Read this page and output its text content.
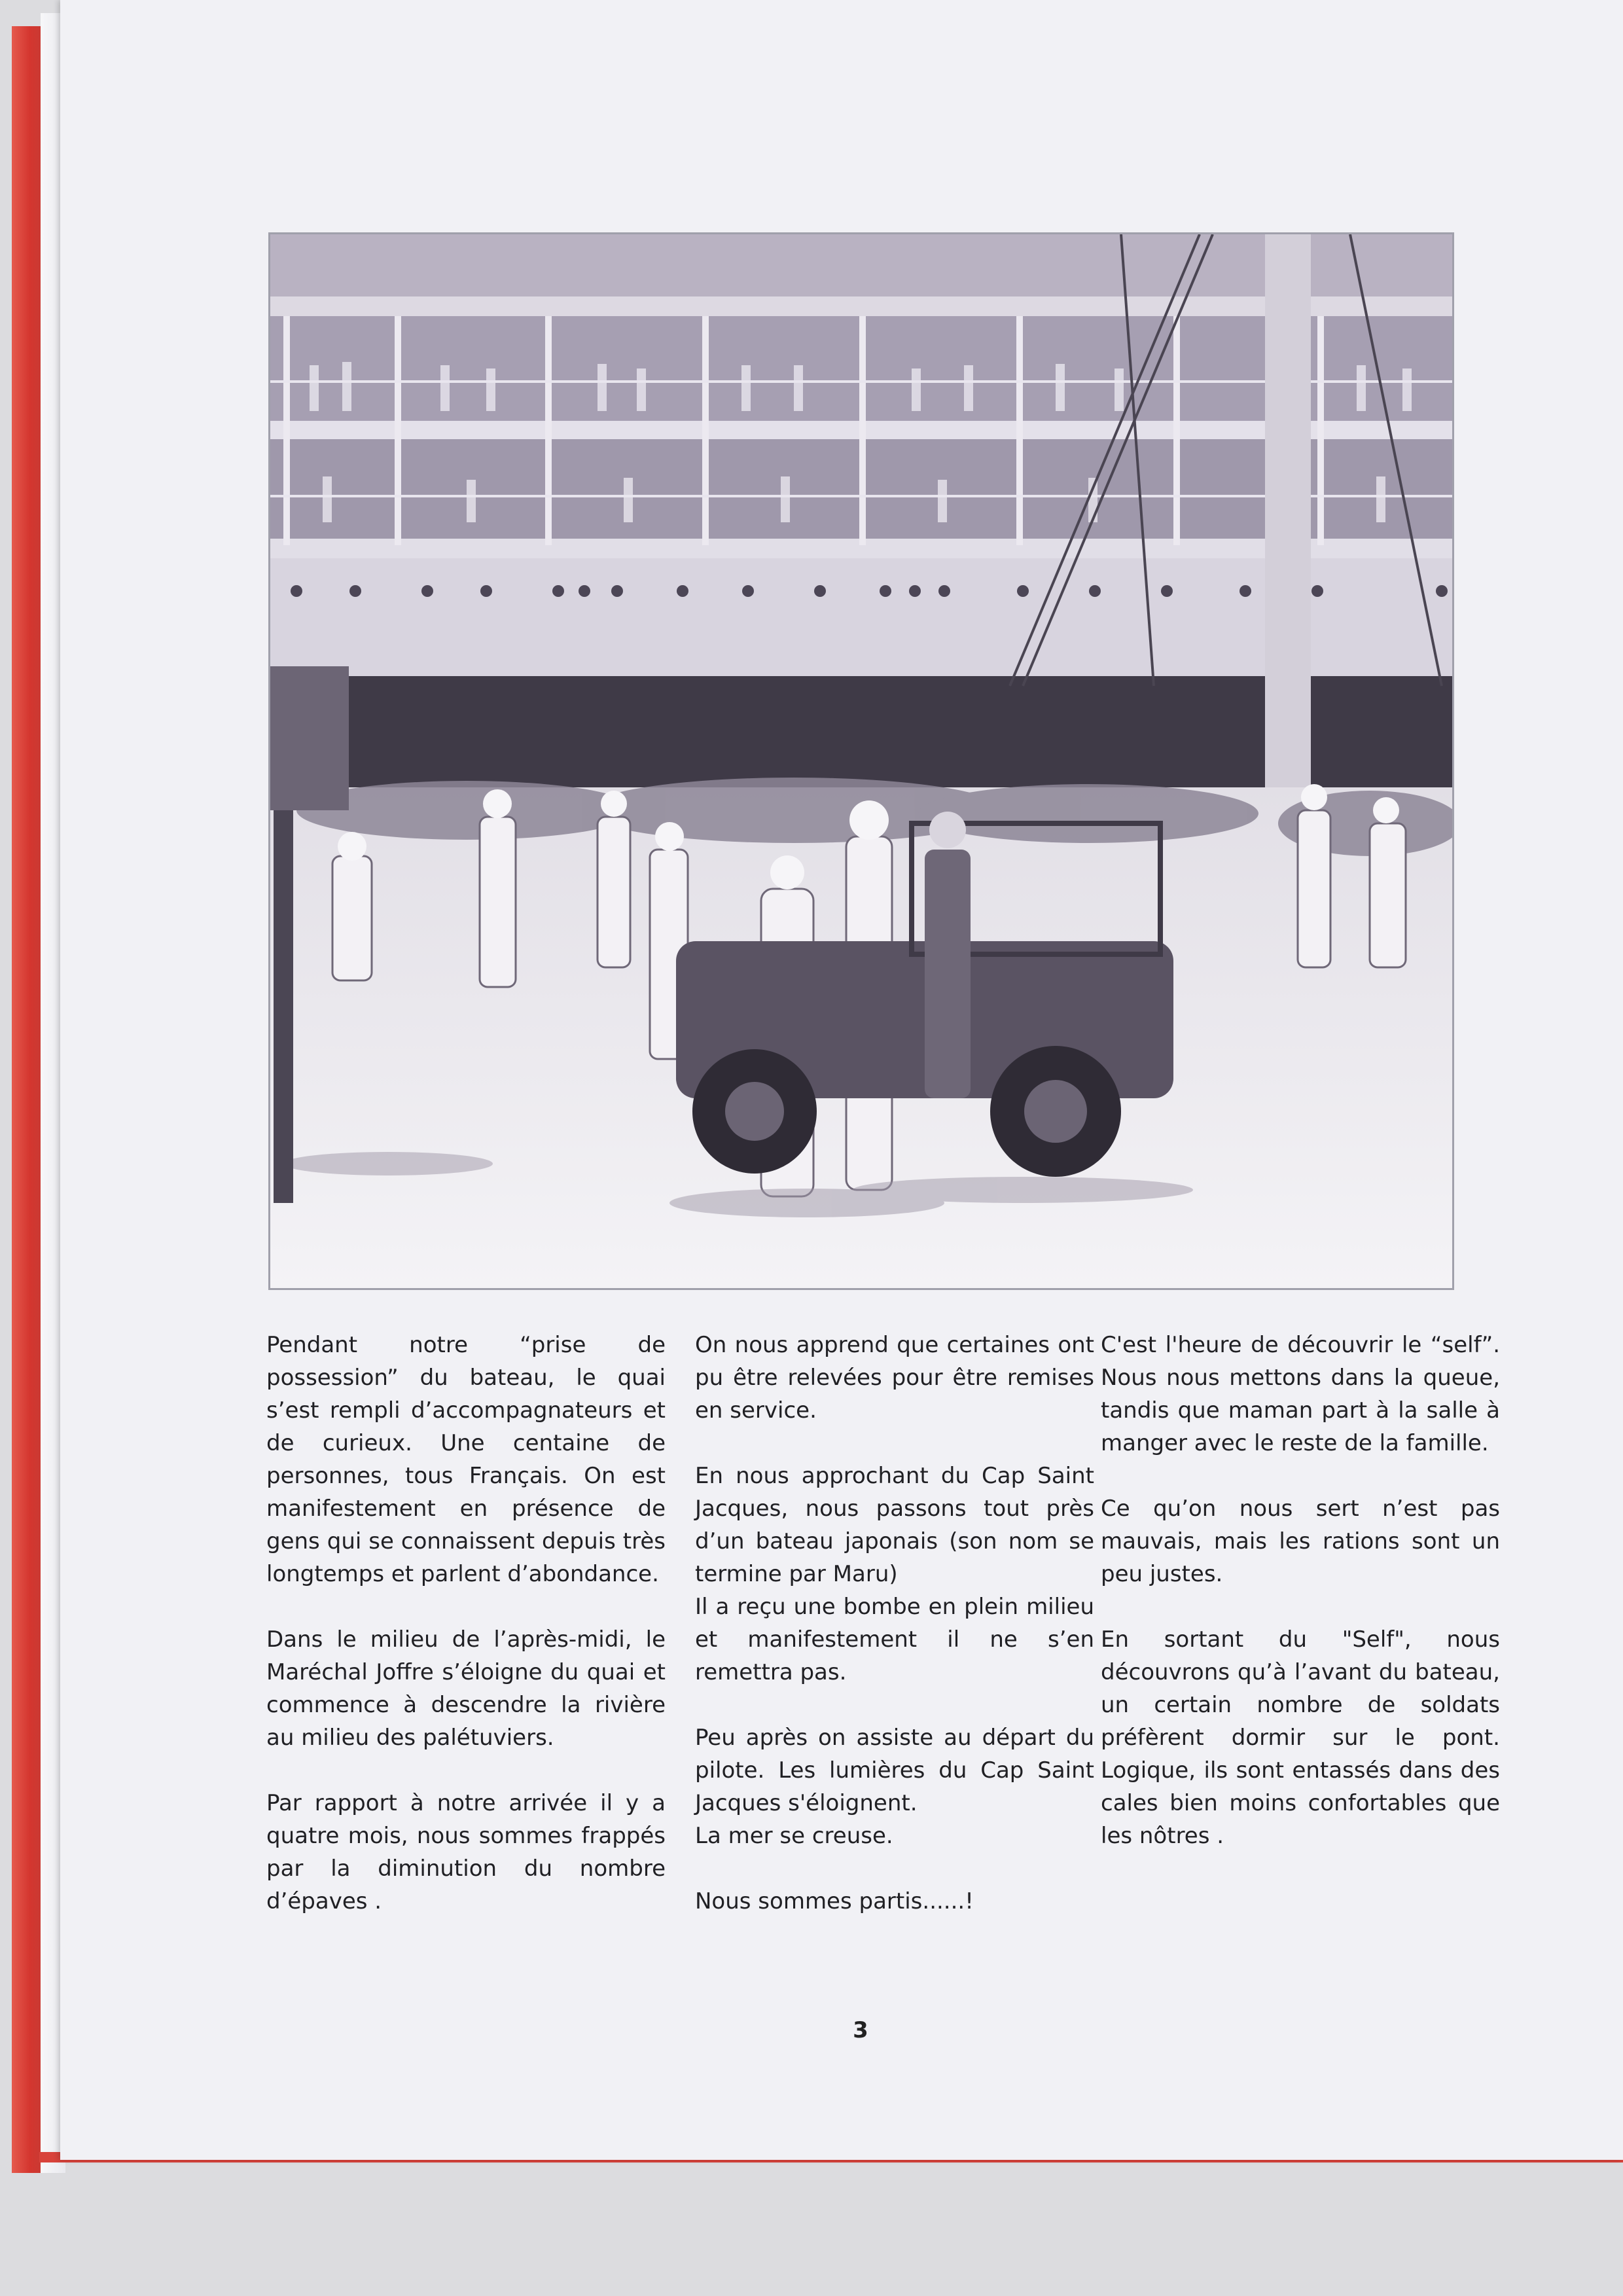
Pendant notre “prise de possession” du bateau, le quai s’est rempli d’accompagnateurs et de curieux. Une centaine de personnes, tous Français. On est manifestement en présence de gens qui se connaissent depuis très longtemps et parlent d’abondance.

Dans le milieu de l’après-midi, le Maréchal Joffre s’éloigne du quai et commence à descendre la rivière au milieu des palétuviers.

Par rapport à notre arrivée il y a quatre mois, nous sommes frappés par la diminution du nombre d’épaves .

On nous apprend que certaines ont pu être relevées pour être remises en service.

En nous approchant du Cap Saint Jacques, nous passons tout près d’un bateau japonais (son nom se termine par Maru)

Il a reçu une bombe en plein milieu et manifestement il ne s’en remettra pas.

Peu après on assiste au départ du pilote. Les lumières du Cap Saint Jacques s'éloignent.

La mer se creuse.

Nous sommes partis......!

C'est l'heure de découvrir le “self”. Nous nous mettons dans la queue, tandis que maman part à la salle à manger avec le reste de la famille.

Ce qu’on nous sert n’est pas mauvais, mais les rations sont un peu justes.

En sortant du "Self", nous découvrons qu’à l’avant du bateau, un certain nombre de soldats préfèrent dormir sur le pont. Logique, ils sont entassés dans des cales bien moins confortables que les nôtres .

3
